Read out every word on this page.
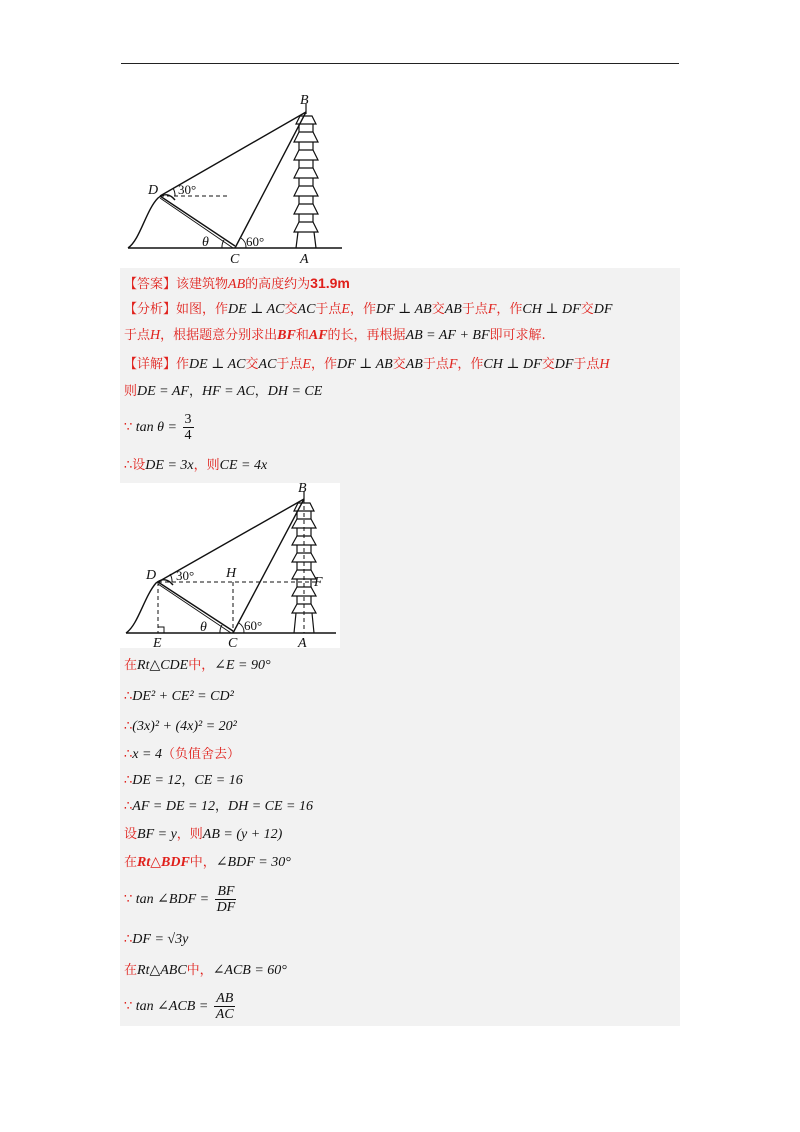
B
D
θ
C	A
30°
60°
【答案】该建筑物AB的高度约为31.9m
【分析】如图，作DE ⊥ AC交AC于点E，作DF ⊥ AB交AB于点F，作CH ⊥ DF交DF
于点H，根据题意分别求出BF和AF的长，再根据AB = AF + BF即可求解.
【详解】作DE ⊥ AC交AC于点E，作DF ⊥ AB交AB于点F，作CH ⊥ DF交DF于点H
则DE = AF，HF = AC，DH = CE
∵ $\tan \theta = \frac{3}{4}$
∴设DE = 3x，则CE = 4x
B
D	H
F
θ
E	C	A
30°
60°
在Rt△CDE中，∠E = 90°
∴DE² + CE² = CD²
∴(3x)² + (4x)² = 20²
∴x = 4（负值舍去）
∴DE = 12，CE = 16
∴AF = DE = 12，DH = CE = 16
设BF = y，则AB = (y + 12)
在Rt△BDF中，∠BDF = 30°
∵ tan ∠BDF = $\frac{BF}{DF}$
∴DF = √3y
在Rt△ABC中，∠ACB = 60°
∵ tan ∠ACB = $\frac{AB}{AC}$
